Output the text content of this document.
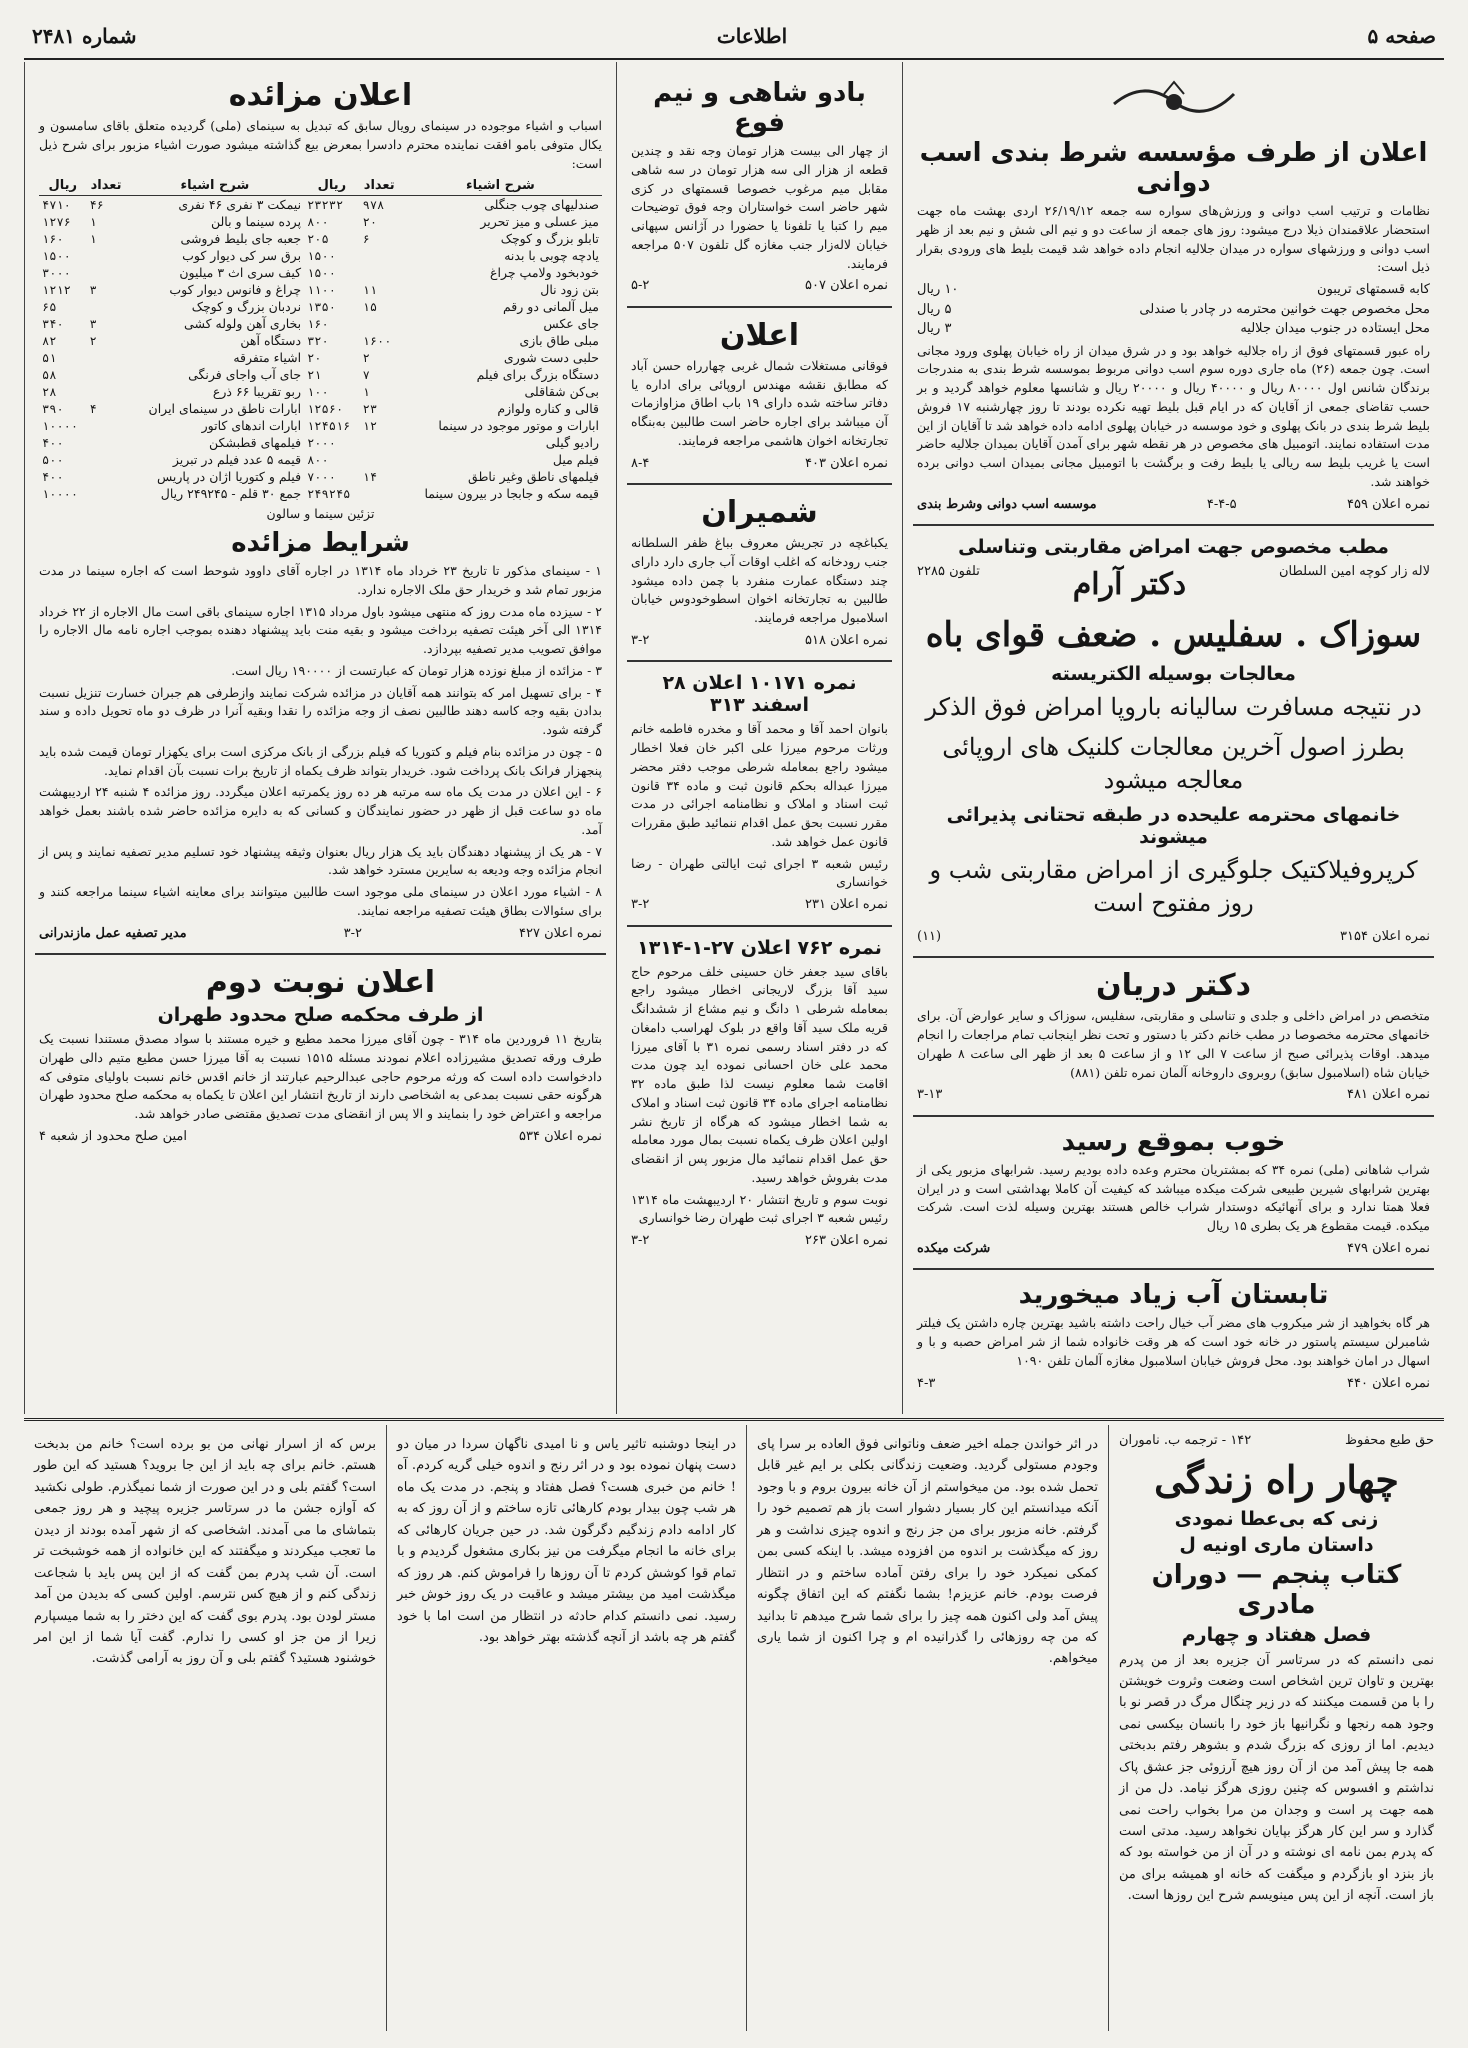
صفحه ۵
اطلاعات
شماره ۲۴۸۱
اعلان از طرف مؤسسه شرط بندی اسب دوانی

نظامات و ترتیب اسب دوانی و ورزش‌های سواره سه جمعه ۲۶/۱۹/۱۲ اردی بهشت ماه جهت استحضار علاقمندان ذیلا درج میشود: روز های جمعه از ساعت دو و نیم الی شش و نیم بعد از ظهر اسب دوانی و ورزشهای سواره در میدان جلالیه انجام داده خواهد شد قیمت بلیط های ورودی بقرار ذیل است:

کابه قسمتهای تریبون
۱۰ ریال
محل مخصوص جهت خوانین محترمه در چادر با صندلی
۵ ریال
محل ایستاده در جنوب میدان جلالیه
۳ ریال

راه عبور قسمتهای فوق از راه جلالیه خواهد بود و در شرق میدان از راه خیابان پهلوی ورود مجانی است. چون جمعه (۲۶) ماه جاری دوره سوم اسب دوانی مربوط بموسسه شرط بندی به مندرجات برندگان شانس اول ۸۰۰۰۰ ریال و ۴۰۰۰۰ ریال و ۲۰۰۰۰ ریال و شانسها معلوم خواهد گردید و بر حسب تقاضای جمعی از آقایان که در ایام قبل بلیط تهیه نکرده بودند تا روز چهارشنبه ۱۷ فروش بلیط شرط بندی در بانک پهلوی و خود موسسه در خیابان پهلوی ادامه داده خواهد شد تا آقایان از این مدت استفاده نمایند. اتومبیل های مخصوص در هر نقطه شهر برای آمدن آقایان بمیدان جلالیه حاضر است یا غریب بلیط سه ریالی یا بلیط رفت و برگشت با اتومبیل مجانی بمیدان اسب دوانی برده خواهند شد.

نمره اعلان ۴۵۹
۴-۴-۵
موسسه اسب دوانی وشرط بندی
مطب مخصوص جهت امراض مقاربتی وتناسلی
لاله زار کوچه امین السلطان
دکتر آرام
تلفون ۲۲۸۵
سوزاک . سفلیس . ضعف قوای باه
معالجات بوسیله الکتریسته
در نتیجه مسافرت سالیانه باروپا امراض فوق الذکر
بطرز اصول آخرین معالجات کلنیک های اروپائی معالجه میشود
خانمهای محترمه علیحده در طبقه تحتانی پذیرائی میشوند
کرپروفیلاکتیک جلوگیری از امراض مقاربتی شب و روز مفتوح است
نمره اعلان ۳۱۵۴
(۱۱)
دکتر دریان

متخصص در امراض داخلی و جلدی و تناسلی و مقاربتی، سفلیس، سوزاک و سایر عوارض آن. برای خانمهای محترمه مخصوصا در مطب خانم دکتر با دستور و تحت نظر اینجانب تمام مراجعات را انجام میدهد. اوقات پذیرائی صبح از ساعت ۷ الی ۱۲ و از ساعت ۵ بعد از ظهر الی ساعت ۸ طهران خیابان شاه (اسلامبول سابق) روبروی داروخانه آلمان نمره تلفن (۸۸۱)

نمره اعلان ۴۸۱
۳-۱۳
خوب بموقع رسید

شراب شاهانی (ملی) نمره ۳۴ که بمشتریان محترم وعده داده بودیم رسید. شرابهای مزبور یکی از بهترین شرابهای شیرین طبیعی شرکت میکده میباشد که کیفیت آن کاملا بهداشتی است و در ایران فعلا همتا ندارد و برای آنهائیکه دوستدار شراب خالص هستند بهترین وسیله لذت است. شرکت میکده. قیمت مقطوع هر یک بطری ۱۵ ریال

نمره اعلان ۴۷۹
شرکت میکده
تابستان آب زیاد میخورید

هر گاه بخواهید از شر میکروب های مضر آب خیال راحت داشته باشید بهترین چاره داشتن یک فیلتر شامبرلن سیستم پاستور در خانه خود است که هر وقت خانواده شما از شر امراض حصبه و با و اسهال در امان خواهند بود. محل فروش خیابان اسلامبول مغازه آلمان تلفن ۱۰۹۰

نمره اعلان ۴۴۰
۴-۳
بادو شاهی و نیم فوع

از چهار الی بیست هزار تومان وجه نقد و چندین قطعه از هزار الی سه هزار تومان در سه شاهی مقابل میم مرغوب خصوصا قسمتهای در کزی شهر حاضر است خواستاران وجه فوق توضیحات میم را کتبا یا تلفونا یا حضورا در آژانس سپهانی خیابان لاله‌زار جنب مغازه گل تلفون ۵۰۷ مراجعه فرمایند.

نمره اعلان ۵۰۷
۵-۲
اعلان

فوقانی مستغلات شمال غربی چهارراه حسن آباد که مطابق نقشه مهندس اروپائی برای اداره یا دفاتر ساخته شده دارای ۱۹ باب اطاق مزاوازمات آن میباشد برای اجاره حاضر است طالبین به‌بنگاه تجارتخانه اخوان هاشمی مراجعه فرمایند.

نمره اعلان ۴۰۳
۸-۴
شمیران

یکباغچه در تجریش معروف بباغ ظفر السلطانه جنب رودخانه که اغلب اوقات آب جاری دارد دارای چند دستگاه عمارت منفرد با چمن داده میشود طالبین به تجارتخانه اخوان اسطوخودوس خیابان اسلامبول مراجعه فرمایند.

نمره اعلان ۵۱۸
۳-۲
نمره ۱۰۱۷۱ اعلان ۲۸ اسفند ۳۱۳

بانوان احمد آقا و محمد آقا و مخدره فاطمه خانم ورثات مرحوم میرزا علی اکبر خان فعلا اخطار میشود راجع بمعامله شرطی موجب دفتر محضر میرزا عبداله بحکم قانون ثبت و ماده ۳۴ قانون ثبت اسناد و املاک و نظامنامه اجرائی در مدت مقرر نسبت بحق عمل اقدام ننمائید طبق مقررات قانون عمل خواهد شد.

رئیس شعبه ۳ اجرای ثبت ایالتی طهران - رضا خوانساری

نمره اعلان ۲۳۱
۳-۲
نمره ۷۶۲ اعلان ۲۷-۱-۱۳۱۴

باقای سید جعفر خان حسینی خلف مرحوم حاج سید آقا بزرگ لاریجانی اخطار میشود راجع بمعامله شرطی ۱ دانگ و نیم مشاع از ششدانگ قریه ملک سید آقا واقع در بلوک لهراسب دامغان که در دفتر اسناد رسمی نمره ۳۱ با آقای میرزا محمد علی خان احسانی نموده اید چون مدت اقامت شما معلوم نیست لذا طبق ماده ۳۲ نظامنامه اجرای ماده ۳۴ قانون ثبت اسناد و املاک به شما اخطار میشود که هرگاه از تاریخ نشر اولین اعلان ظرف یکماه نسبت بمال مورد معامله حق عمل اقدام ننمائید مال مزبور پس از انقضای مدت بفروش خواهد رسید.

نوبت سوم و تاریخ انتشار ۲۰ اردیبهشت ماه ۱۳۱۴ رئیس شعبه ۳ اجرای ثبت طهران رضا خوانساری

نمره اعلان ۲۶۳
۳-۲
اعلان مزائده

اسباب و اشیاء موجوده در سینمای رویال سابق که تبدیل به سینمای (ملی) گردیده متعلق باقای سامسون و یکال متوفی بامو افقت نماینده محترم دادسرا بمعرض بیع گذاشته میشود صورت اشیاء مزبور برای شرح ذیل است:

شرح اشیاء	تعداد	ریال	شرح اشیاء	تعداد	ریال
صندلیهای چوب جنگلی	۹۷۸	۲۳۲۳۲	نیمکت ۳ نفری ۴۶ نفری	۴۶	۴۷۱۰
میز عسلی و میز تحریر	۲۰	۸۰۰	پرده سینما و بالن	۱	۱۲۷۶
تابلو بزرگ و کوچک	۶	۲۰۵	جعبه جای بلیط فروشی	۱	۱۶۰
یادچه چوبی با بدنه		۱۵۰۰	برق سر کی دیوار کوب		۱۵۰۰
خودبخود ولامپ چراغ		۱۵۰۰	کیف سری اث ۳ میلیون		۳۰۰۰
بتن زود نال	۱۱	۱۱۰۰	چراغ و فانوس دیوار کوب	۳	۱۲۱۲
میل آلمانی دو رقم	۱۵	۱۳۵۰	نردبان بزرگ و کوچک		۶۵
جای عکس		۱۶۰	بخاری آهن ولوله کشی	۳	۳۴۰
مبلی طاق بازی	۱۶۰۰	۳۲۰	دستگاه آهن	۲	۸۲
حلبی دست شوری	۲	۲۰	اشیاء متفرقه		۵۱
دستگاه بزرگ برای فیلم	۷	۲۱	جای آب واجای فرنگی		۵۸
بی‌کن شقاقلی	۱	۱۰۰	ربو تقریبا ۶۶ ذرع		۲۸
قالی و کناره ولوازم	۲۳	۱۲۵۶۰	ابارات ناطق در سینمای ایران	۴	۳۹۰
ابارات و موتور موجود در سینما	۱۲	۱۲۴۵۱۶	ابارات اندهای کاتور		۱۰۰۰۰
رادیو گیلی		۲۰۰۰	فیلمهای قطبشکن		۴۰۰
فیلم میل		۸۰۰	قیمه ۵ عدد فیلم در تبریز		۵۰۰
فیلمهای ناطق وغیر ناطق	۱۴	۷۰۰۰	فیلم و کتوریا اژان در پاریس		۴۰۰
قیمه سکه و جابجا در بیرون سینما		۲۴۹۲۴۵	جمع ۳۰ قلم - ۲۴۹۲۴۵ ریال		۱۰۰۰۰

تزئین سینما و سالون

شرایط مزائده

۱ - سینمای مذکور تا تاریخ ۲۳ خرداد ماه ۱۳۱۴ در اجاره آقای داوود شوحط است که اجاره سینما در مدت مزبور تمام شد و خریدار حق ملک الاجاره ندارد.

۲ - سیزده ماه مدت روز که منتهی میشود باول مرداد ۱۳۱۵ اجاره سینمای باقی است مال الاجاره از ۲۲ خرداد ۱۳۱۴ الی آخر هیئت تصفیه برداخت میشود و بقیه منت باید پیشنهاد دهنده بموجب اجاره نامه مال الاجاره را موافق تصویب مدیر تصفیه بپردازد.

۳ - مزائده از مبلغ نوزده هزار تومان که عبارتست از ۱۹۰۰۰۰ ریال است.

۴ - برای تسهیل امر که بتوانند همه آقایان در مزائده شرکت نمایند وازطرفی هم جبران خسارت تنزیل نسبت بدادن بقیه وجه کاسه دهند طالبین نصف از وجه مزائده را نقدا وبقیه آنرا در ظرف دو ماه تحویل داده و سند گرفته شود.

۵ - چون در مزائده بنام فیلم و کتوریا که فیلم بزرگی از بانک مرکزی است برای یکهزار تومان قیمت شده باید پنجهزار فرانک بانک پرداخت شود. خریدار بتواند ظرف یکماه از تاریخ برات نسبت بآن اقدام نماید.

۶ - این اعلان در مدت یک ماه سه مرتبه هر ده روز یکمرتبه اعلان میگردد. روز مزائده ۴ شنبه ۲۴ اردیبهشت ماه دو ساعت قبل از ظهر در حضور نمایندگان و کسانی که به دایره مزائده حاضر شده باشند بعمل خواهد آمد.

۷ - هر یک از پیشنهاد دهندگان باید یک هزار ریال بعنوان وثیقه پیشنهاد خود تسلیم مدیر تصفیه نمایند و پس از انجام مزائده وجه ودیعه به سایرین مسترد خواهد شد.

۸ - اشیاء مورد اعلان در سینمای ملی موجود است طالبین میتوانند برای معاینه اشیاء سینما مراجعه کنند و برای سئوالات بطاق هیئت تصفیه مراجعه نمایند.

نمره اعلان ۴۲۷
۳-۲
مدیر تصفیه عمل مازندرانی
اعلان نوبت دوم
از طرف محکمه صلح محدود طهران

بتاریخ ۱۱ فروردین ماه ۳۱۴ - چون آقای میرزا محمد مطیع و خیره مستند با سواد مصدق مستندا نسبت یک طرف ورقه تصدیق مشیرزاده اعلام نمودند مسئله ۱۵۱۵ نسبت به آقا میرزا حسن مطیع متیم دالی طهران دادخواست داده است که ورثه مرحوم حاجی عبدالرحیم عبارتند از خانم اقدس خانم نسبت باولیای متوفی که هرگونه حقی نسبت بمدعی به اشخاصی دارند از تاریخ انتشار این اعلان تا یکماه به محکمه صلح محدود طهران مراجعه و اعتراض خود را بنمایند و الا پس از انقضای مدت تصدیق مقتضی صادر خواهد شد.

نمره اعلان ۵۳۴
امین صلح محدود از شعبه ۴
حق طبع محفوظ
۱۴۲ - ترجمه ب. ناموران
چهار راه زندگی
زنی که بی‌عطا نمودی
داستان ماری اونیه ل
کتاب پنجم — دوران مادری
فصل هفتاد و چهارم

نمی دانستم که در سرتاسر آن جزیره بعد از من پدرم بهترین و تاوان ترین اشخاص است وضعت وثروت خویشتن را با من قسمت میکنند که در زیر چنگال مرگ در قصر نو با وجود همه رنجها و نگرانیها باز خود را بانسان بیکسی نمی دیدیم. اما از روزی که بزرگ شدم و بشوهر رفتم بدبختی همه جا پیش آمد من از آن روز هیچ آرزوئی جز عشق پاک نداشتم و افسوس که چنین روزی هرگز نیامد. دل من از همه جهت پر است و وجدان من مرا بخواب راحت نمی گذارد و سر این کار هرگز بپایان نخواهد رسید. مدتی است که پدرم بمن نامه ای نوشته و در آن از من خواسته بود که باز بنزد او بازگردم و میگفت که خانه او همیشه برای من باز است. آنچه از این پس مینویسم شرح این روزها است.

در اثر خواندن جمله اخیر ضعف وناتوانی فوق العاده بر سرا پای وجودم مستولی گردید. وضعیت زندگانی بکلی بر ایم غیر قابل تحمل شده بود. من میخواستم از آن خانه بیرون بروم و با وجود آنکه میدانستم این کار بسیار دشوار است باز هم تصمیم خود را گرفتم. خانه مزبور برای من جز رنج و اندوه چیزی نداشت و هر روز که میگذشت بر اندوه من افزوده میشد. با اینکه کسی بمن کمکی نمیکرد خود را برای رفتن آماده ساختم و در انتظار فرصت بودم. خانم عزیزم! بشما نگفتم که این اتفاق چگونه پیش آمد ولی اکنون همه چیز را برای شما شرح میدهم تا بدانید که من چه روزهائی را گذرانیده ام و چرا اکنون از شما یاری میخواهم.

در اینجا دوشنبه تاثیر یاس و نا امیدی ناگهان سردا در میان دو دست پنهان نموده بود و در اثر رنج و اندوه خیلی گریه کردم. آه ! خانم من خبری هست؟ فصل هفتاد و پنجم. در مدت یک ماه هر شب چون بیدار بودم کارهائی تازه ساختم و از آن روز که به کار ادامه دادم زندگیم دگرگون شد. در حین جریان کارهائی که برای خانه ما انجام میگرفت من نیز بکاری مشغول گردیدم و با تمام قوا کوشش کردم تا آن روزها را فراموش کنم. هر روز که میگذشت امید من بیشتر میشد و عاقبت در یک روز خوش خبر رسید. نمی دانستم کدام حادثه در انتظار من است اما با خود گفتم هر چه باشد از آنچه گذشته بهتر خواهد بود.

برس که از اسرار نهانی من بو برده است؟ خانم من بدبخت هستم. خانم برای چه باید از این جا بروید؟ هستید که این طور است؟ گفتم بلی و در این صورت از شما نمیگذرم. طولی نکشید که آوازه جشن ما در سرتاسر جزیره پیچید و هر روز جمعی بتماشای ما می آمدند. اشخاصی که از شهر آمده بودند از دیدن ما تعجب میکردند و میگفتند که این خانواده از همه خوشبخت تر است. آن شب پدرم بمن گفت که از این پس باید با شجاعت زندگی کنم و از هیچ کس نترسم. اولین کسی که بدیدن من آمد مستر لودن بود. پدرم بوی گفت که این دختر را به شما میسپارم زیرا از من جز او کسی را ندارم. گفت آیا شما از این امر خوشنود هستید؟ گفتم بلی و آن روز به آرامی گذشت.
